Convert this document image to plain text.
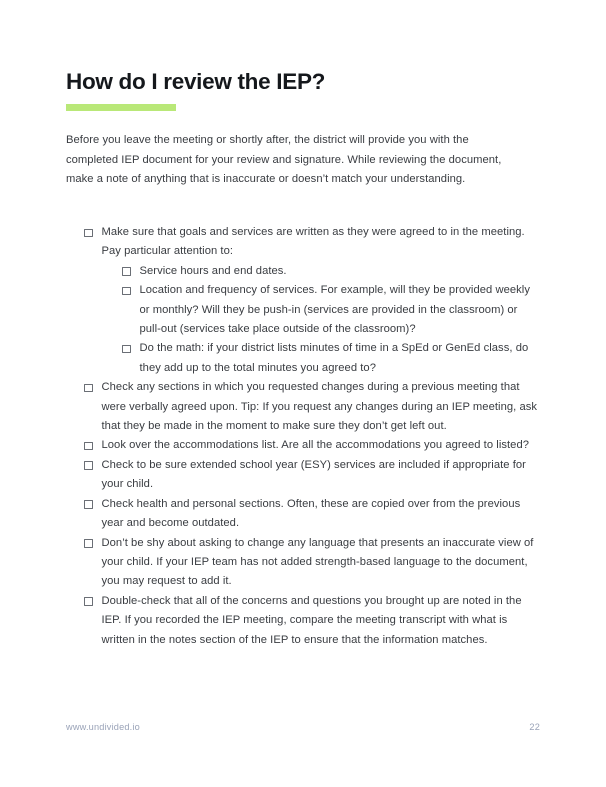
How do I review the IEP?

Before you leave the meeting or shortly after, the district will provide you with the completed IEP document for your review and signature. While reviewing the document, make a note of anything that is inaccurate or doesn’t match your understanding.

Make sure that goals and services are written as they were agreed to in the meeting. Pay particular attention to:
Service hours and end dates.
Location and frequency of services. For example, will they be provided weekly or monthly? Will they be push-in (services are provided in the classroom) or pull-out (services take place outside of the classroom)?
Do the math: if your district lists minutes of time in a SpEd or GenEd class, do they add up to the total minutes you agreed to?
Check any sections in which you requested changes during a previous meeting that were verbally agreed upon. Tip: If you request any changes during an IEP meeting, ask that they be made in the moment to make sure they don’t get left out.
Look over the accommodations list. Are all the accommodations you agreed to listed?
Check to be sure extended school year (ESY) services are included if appropriate for your child.
Check health and personal sections. Often, these are copied over from the previous year and become outdated.
Don’t be shy about asking to change any language that presents an inaccurate view of your child. If your IEP team has not added strength-based language to the document, you may request to add it.
Double-check that all of the concerns and questions you brought up are noted in the IEP. If you recorded the IEP meeting, compare the meeting transcript with what is written in the notes section of the IEP to ensure that the information matches.
www.undivided.io	22
